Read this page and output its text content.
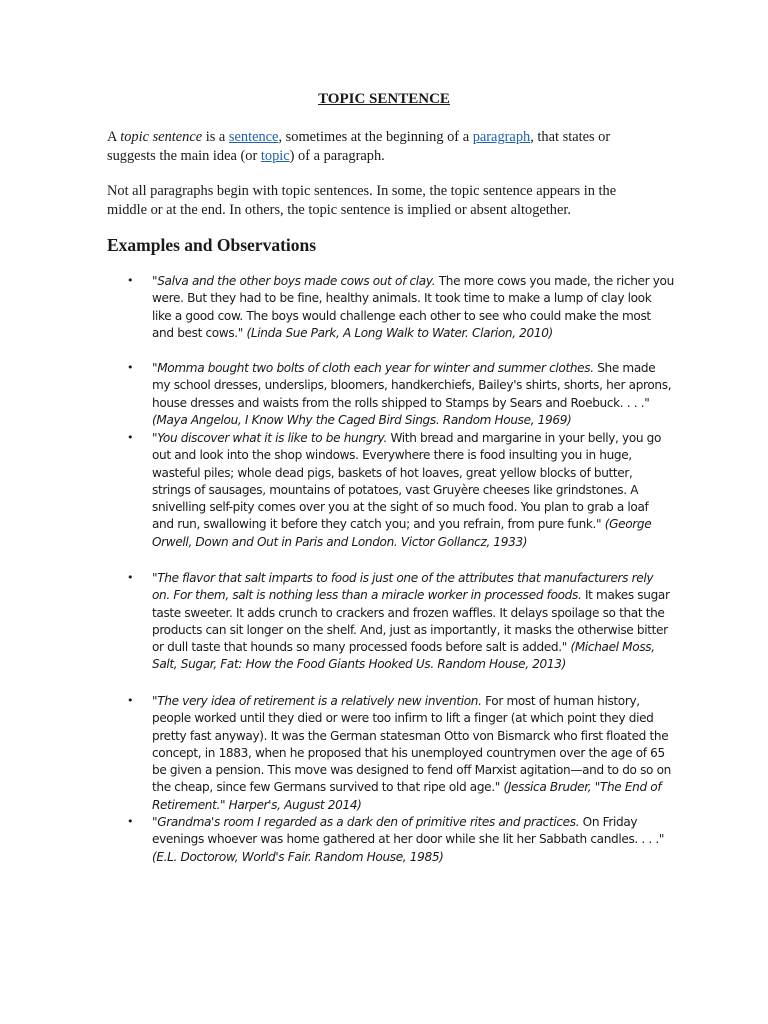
TOPIC SENTENCE
A topic sentence is a sentence, sometimes at the beginning of a paragraph, that states or
suggests the main idea (or topic) of a paragraph.
Not all paragraphs begin with topic sentences. In some, the topic sentence appears in the
middle or at the end. In others, the topic sentence is implied or absent altogether.
Examples and Observations
• "Salva and the other boys made cows out of clay. The more cows you made, the richer you
were. But they had to be fine, healthy animals. It took time to make a lump of clay look
like a good cow. The boys would challenge each other to see who could make the most
and best cows." (Linda Sue Park, A Long Walk to Water. Clarion, 2010)
• "Momma bought two bolts of cloth each year for winter and summer clothes. She made
my school dresses, underslips, bloomers, handkerchiefs, Bailey's shirts, shorts, her aprons,
house dresses and waists from the rolls shipped to Stamps by Sears and Roebuck. . . ."
(Maya Angelou, I Know Why the Caged Bird Sings. Random House, 1969)
• "You discover what it is like to be hungry. With bread and margarine in your belly, you go
out and look into the shop windows. Everywhere there is food insulting you in huge,
wasteful piles; whole dead pigs, baskets of hot loaves, great yellow blocks of butter,
strings of sausages, mountains of potatoes, vast Gruyère cheeses like grindstones. A
snivelling self-pity comes over you at the sight of so much food. You plan to grab a loaf
and run, swallowing it before they catch you; and you refrain, from pure funk." (George
Orwell, Down and Out in Paris and London. Victor Gollancz, 1933)
• "The flavor that salt imparts to food is just one of the attributes that manufacturers rely
on. For them, salt is nothing less than a miracle worker in processed foods. It makes sugar
taste sweeter. It adds crunch to crackers and frozen waffles. It delays spoilage so that the
products can sit longer on the shelf. And, just as importantly, it masks the otherwise bitter
or dull taste that hounds so many processed foods before salt is added." (Michael Moss,
Salt, Sugar, Fat: How the Food Giants Hooked Us. Random House, 2013)
• "The very idea of retirement is a relatively new invention. For most of human history,
people worked until they died or were too infirm to lift a finger (at which point they died
pretty fast anyway). It was the German statesman Otto von Bismarck who first floated the
concept, in 1883, when he proposed that his unemployed countrymen over the age of 65
be given a pension. This move was designed to fend off Marxist agitation—and to do so on
the cheap, since few Germans survived to that ripe old age." (Jessica Bruder, "The End of
Retirement." Harper's, August 2014)
• "Grandma's room I regarded as a dark den of primitive rites and practices. On Friday
evenings whoever was home gathered at her door while she lit her Sabbath candles. . . ."
(E.L. Doctorow, World's Fair. Random House, 1985)
